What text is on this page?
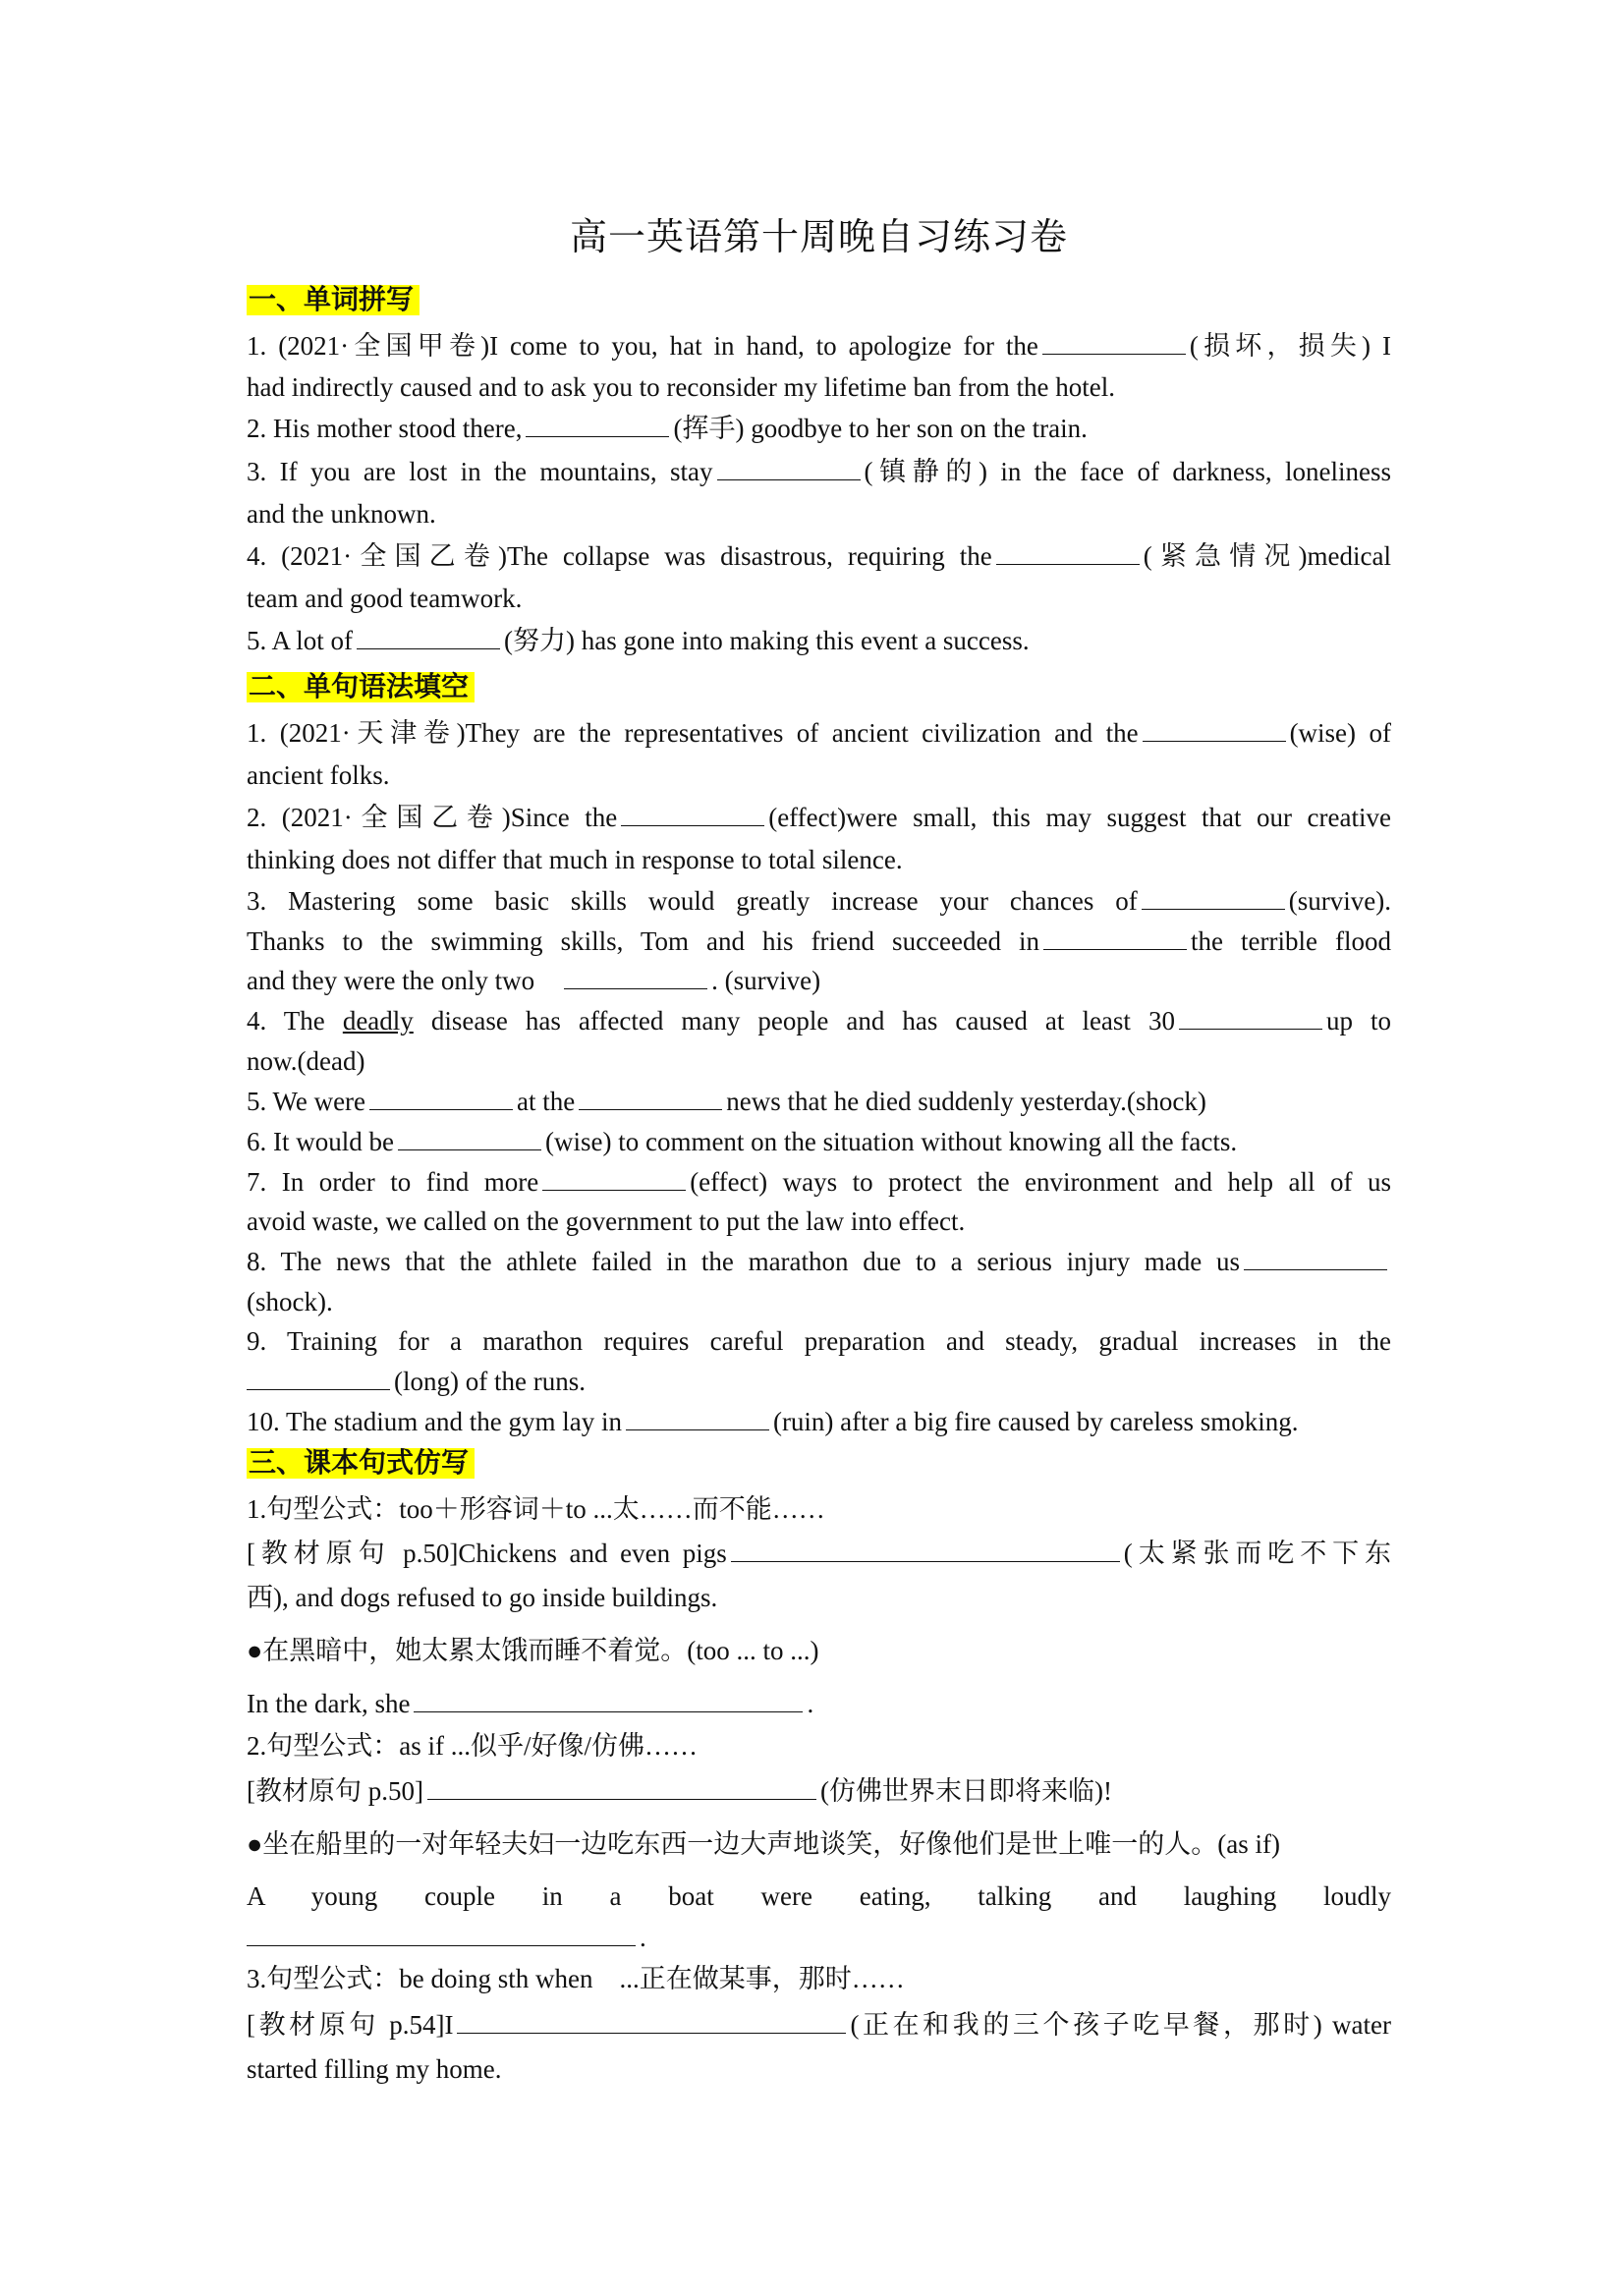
高一英语第十周晚自习练习卷
一、单词拼写
1. (2021·全国甲卷)I come to you, hat in hand, to apologize for the	(损坏，损失) I
had indirectly caused and to ask you to reconsider my lifetime ban from the hotel.
2. His mother stood there,	(挥手) goodbye to her son on the train.
3. If you are lost in the mountains, stay	(镇静的) in the face of darkness, loneliness
and the unknown.
4. (2021·全国乙卷)The collapse was disastrous, requiring the	(紧急情况)medical
team and good teamwork.
5. A lot of	(努力) has gone into making this event a success.
二、单句语法填空
1. (2021·天津卷)They are the representatives of ancient civilization and the	(wise) of
ancient folks.
2. (2021·全国乙卷)Since the	(effect)were small, this may suggest that our creative
thinking does not differ that much in response to total silence.
3. Mastering some basic skills would greatly increase your chances of	(survive).
Thanks to the swimming skills, Tom and his friend succeeded in	the terrible flood
and they were the only two	. (survive)
4. The deadly disease has affected many people and has caused at least 30	up to
now.(dead)
5. We were	at the	news that he died suddenly yesterday.(shock)
6. It would be	(wise) to comment on the situation without knowing all the facts.
7. In order to find more	(effect) ways to protect the environment and help all of us
avoid waste, we called on the government to put the law into effect.
8. The news that the athlete failed in the marathon due to a serious injury made us
(shock).
9. Training for a marathon requires careful preparation and steady, gradual increases in the
(long) of the runs.
10. The stadium and the gym lay in	(ruin) after a big fire caused by careless smoking.
三、课本句式仿写
1.句型公式：too＋形容词＋to ...太……而不能……
[教材原句 p.50]Chickens and even pigs	(太紧张而吃不下东
西), and dogs refused to go inside buildings.
●在黑暗中，她太累太饿而睡不着觉。(too ... to ...)
In the dark, she	.
2.句型公式：as if ...似乎/好像/仿佛……
[教材原句 p.50]	(仿佛世界末日即将来临)!
●坐在船里的一对年轻夫妇一边吃东西一边大声地谈笑，好像他们是世上唯一的人。(as if)
A young couple in a boat were eating, talking and laughing loudly
.
3.句型公式：be doing sth when　...正在做某事，那时……
[教材原句 p.54]I	(正在和我的三个孩子吃早餐，那时) water
started filling my home.
